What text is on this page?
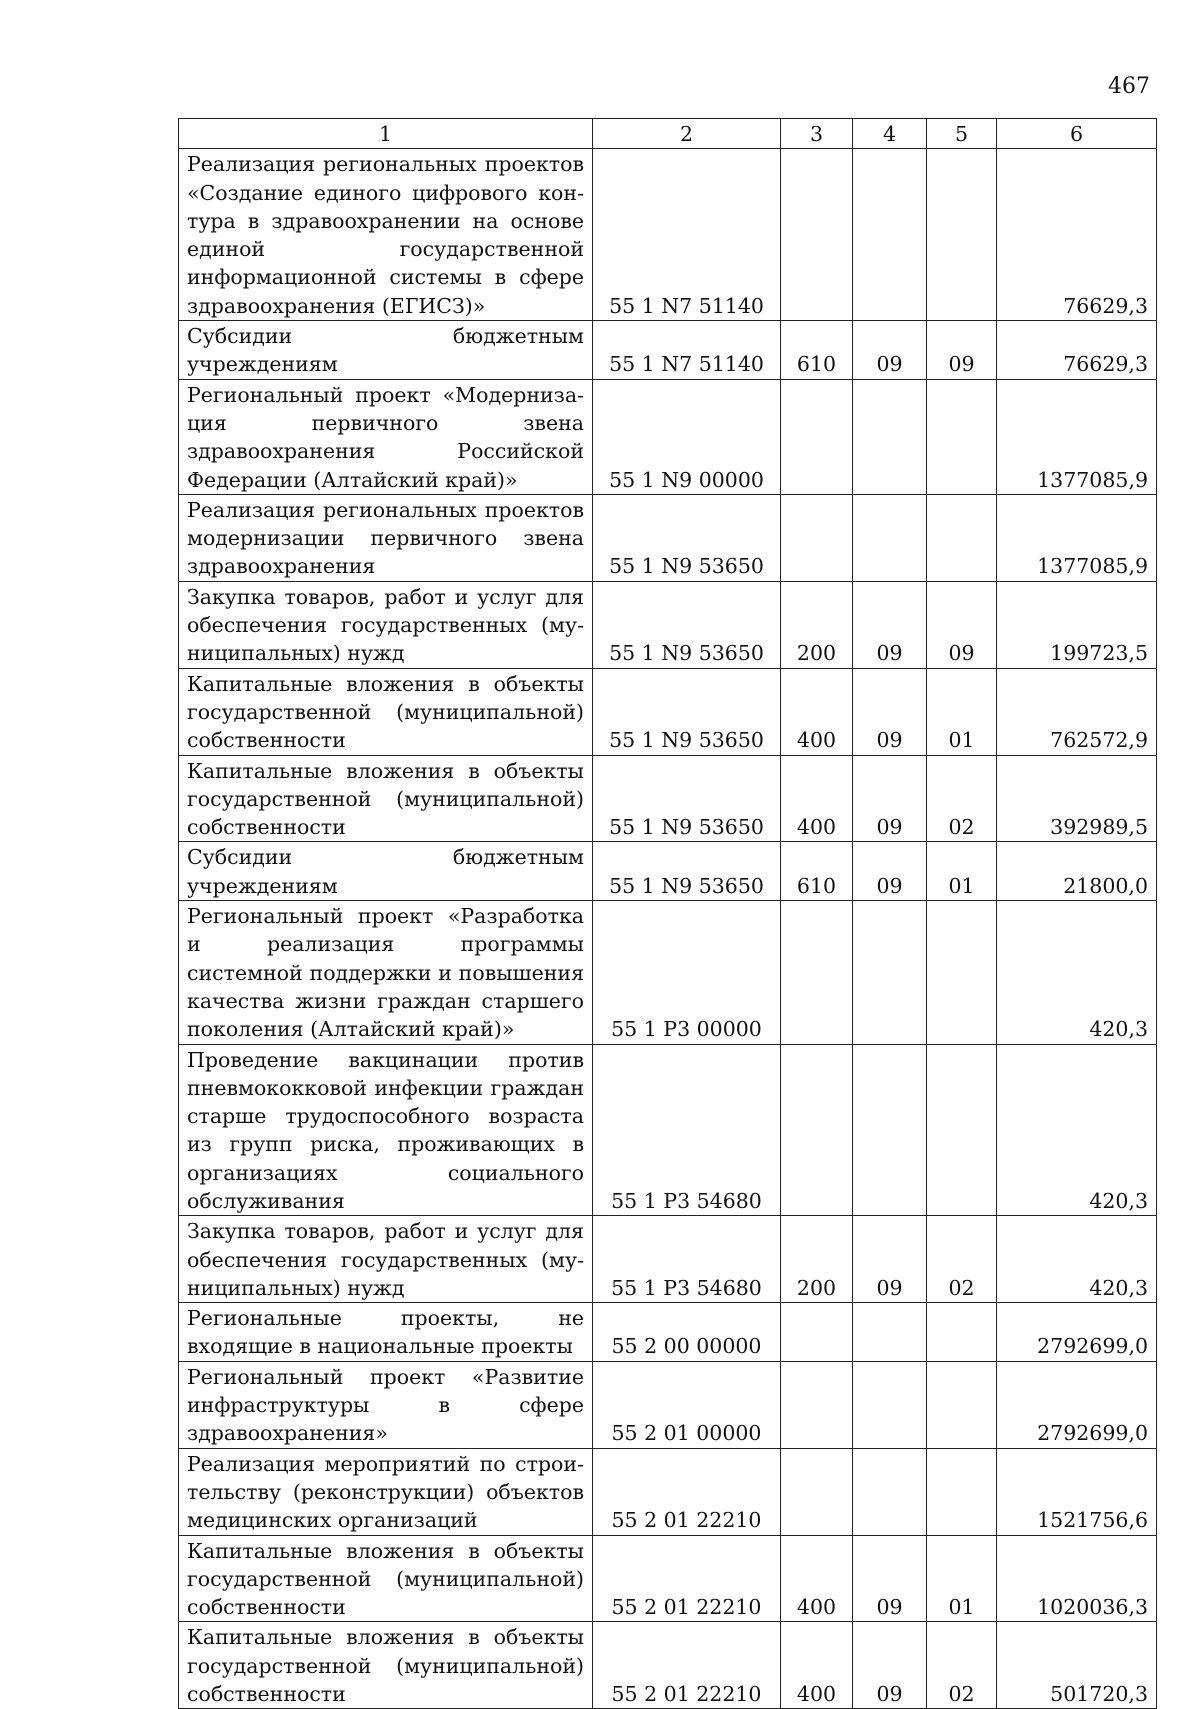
467
1	2	3	4	5	6
Реализация региональных проектов «Создание единого цифрового контура в здравоохранении на основе единой государственной информационной системы в сфере здравоохранения (ЕГИСЗ)»	55 1 N7 51140				76629,3
Субсидии бюджетным учреждениям	55 1 N7 51140	610	09	09	76629,3
Региональный проект «Модернизация первичного звена здравоохранения Российской Федерации (Алтайский край)»	55 1 N9 00000				1377085,9
Реализация региональных проектов модернизации первичного звена здравоохранения	55 1 N9 53650				1377085,9
Закупка товаров, работ и услуг для обеспечения государственных (муниципальных) нужд	55 1 N9 53650	200	09	09	199723,5
Капитальные вложения в объекты государственной (муниципальной) собственности	55 1 N9 53650	400	09	01	762572,9
Капитальные вложения в объекты государственной (муниципальной) собственности	55 1 N9 53650	400	09	02	392989,5
Субсидии бюджетным учреждениям	55 1 N9 53650	610	09	01	21800,0
Региональный проект «Разработка и реализация программы системной поддержки и повышения качества жизни граждан старшего поколения (Алтайский край)»	55 1 P3 00000				420,3
Проведение вакцинации против пневмококковой инфекции граждан старше трудоспособного возраста из групп риска, проживающих в организациях социального обслуживания	55 1 P3 54680				420,3
Закупка товаров, работ и услуг для обеспечения государственных (муниципальных) нужд	55 1 P3 54680	200	09	02	420,3
Региональные проекты, не входящие в национальные проекты	55 2 00 00000				2792699,0
Региональный проект «Развитие инфраструктуры в сфере здравоохранения»	55 2 01 00000				2792699,0
Реализация мероприятий по строительству (реконструкции) объектов медицинских организаций	55 2 01 22210				1521756,6
Капитальные вложения в объекты государственной (муниципальной) собственности	55 2 01 22210	400	09	01	1020036,3
Капитальные вложения в объекты государственной (муниципальной) собственности	55 2 01 22210	400	09	02	501720,3
